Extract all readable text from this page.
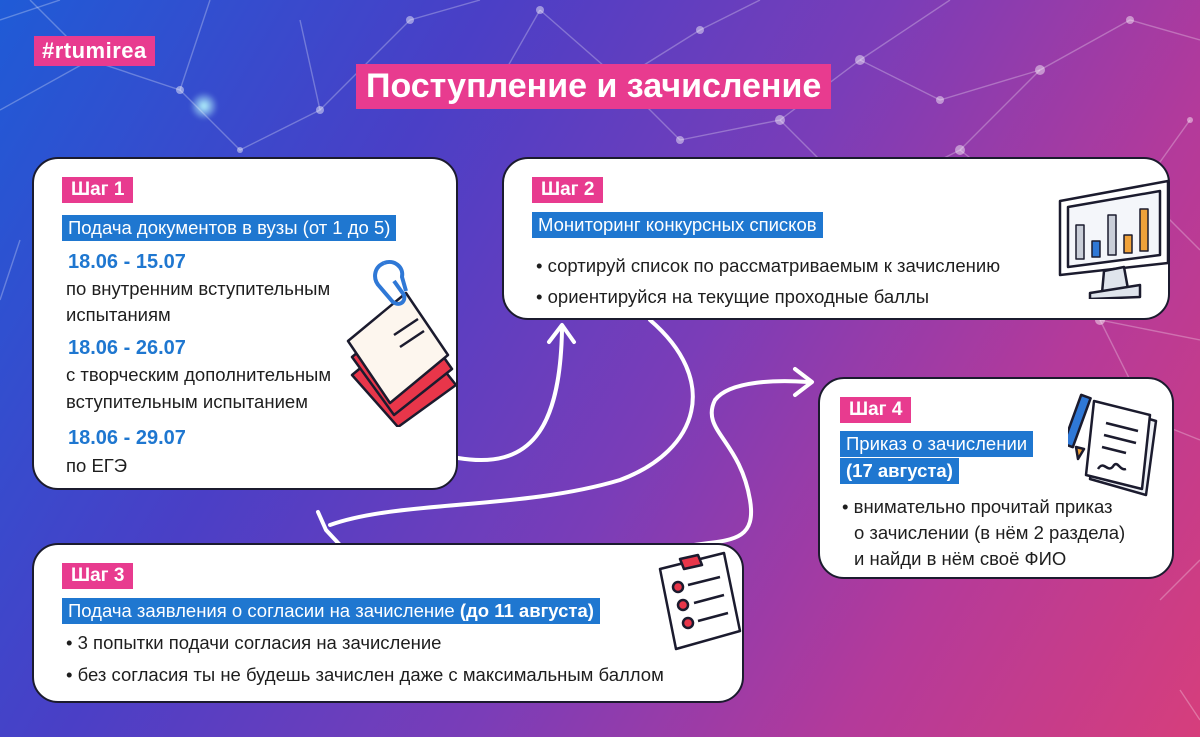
#rtumirea
Поступление и зачисление
Шаг 1
Подача документов в вузы (от 1 до 5)
18.06 - 15.07
по внутренним вступительным
испытаниям
18.06 - 26.07
с творческим дополнительным
вступительным испытанием
18.06 - 29.07
по ЕГЭ
Шаг 2
Мониторинг конкурсных списков
• сортируй список по рассматриваемым к зачислению
• ориентируйся на текущие проходные баллы
Шаг 4
Приказ о зачислении
(17 августа)
• внимательно прочитай приказ
о зачислении (в нём 2 раздела)
и найди в нём своё ФИО
Шаг 3
Подача заявления о согласии на зачисление (до 11 августа)
• 3 попытки подачи согласия на зачисление
• без согласия ты не будешь зачислен даже с максимальным баллом
